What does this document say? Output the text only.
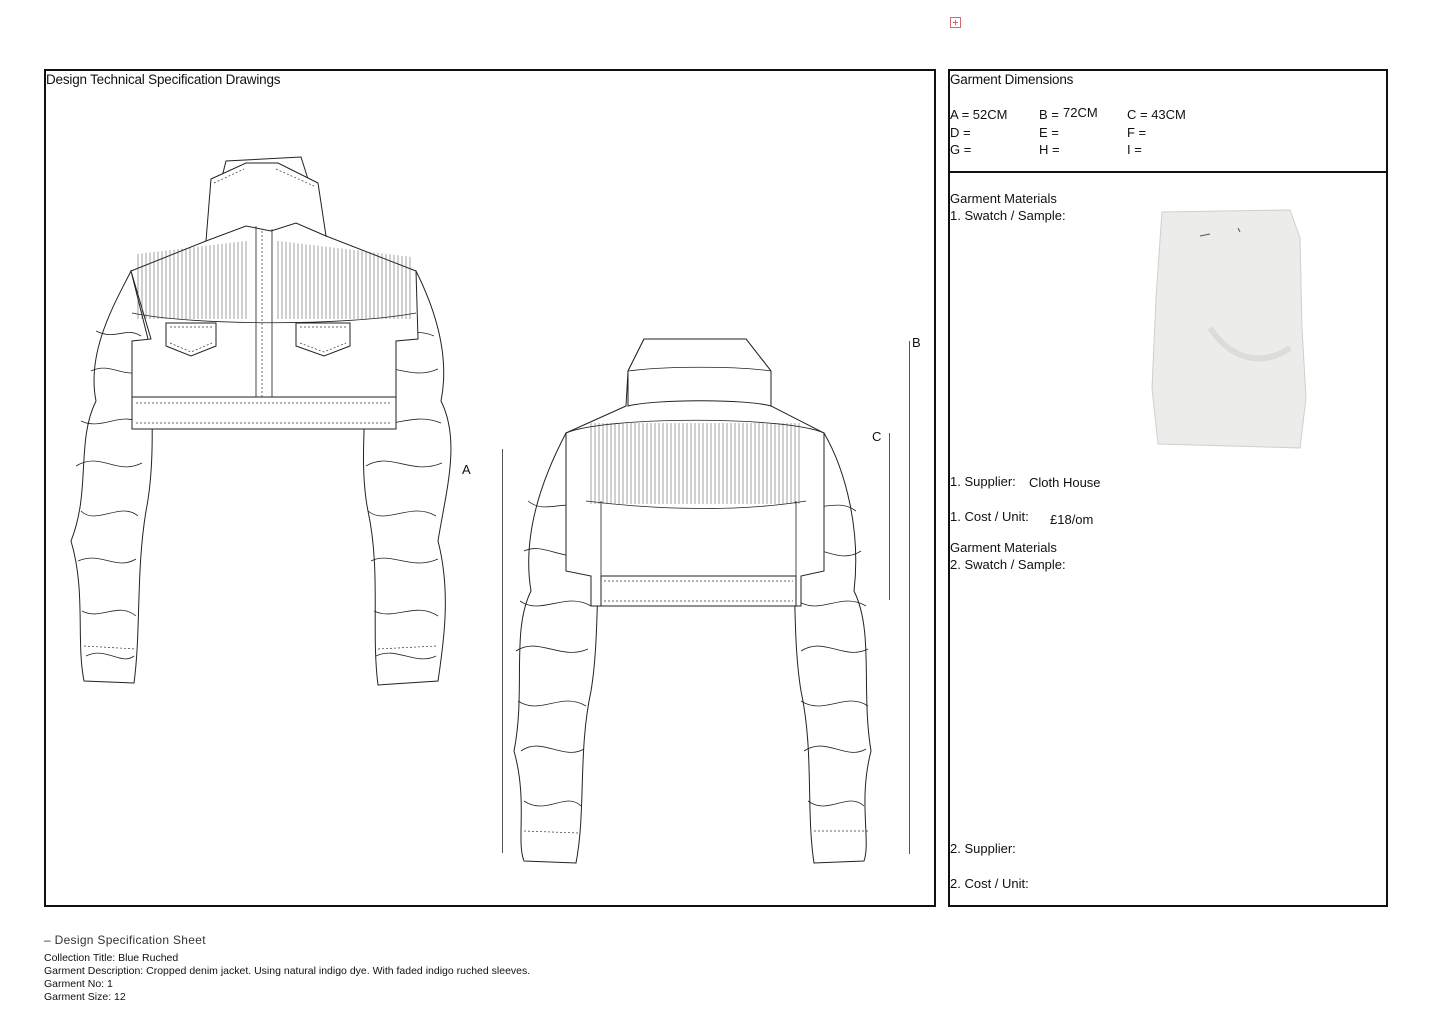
Design Technical Specification Drawings
A
B
C
Garment Dimensions
A = 52CM B = 72CM C = 43CM
D =	E =	F =
G =	H =	I =
Garment Materials
1. Swatch / Sample:
1. Supplier: Cloth House
1. Cost / Unit: £18/om
Garment Materials
2. Swatch / Sample:
2. Supplier:
2. Cost / Unit:
– Design Specification Sheet
Collection Title: Blue Ruched
Garment Description: Cropped denim jacket. Using natural indigo dye. With faded indigo ruched sleeves.
Garment No: 1
Garment Size: 12
